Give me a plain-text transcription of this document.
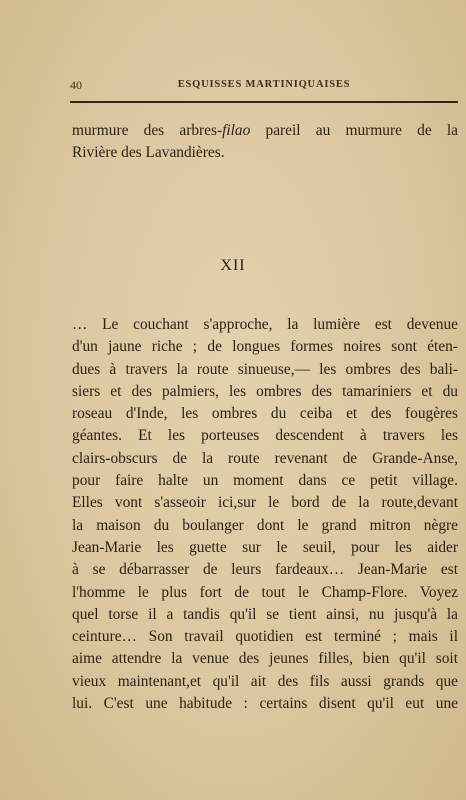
40	ESQUISSES MARTINIQUAISES
murmure des arbres-filao pareil au murmure de la
Rivière des Lavandières.
XII
… Le couchant s'approche, la lumière est devenue
d'un jaune riche ; de longues formes noires sont éten-
dues à travers la route sinueuse,— les ombres des bali-
siers et des palmiers, les ombres des tamariniers et du
roseau d'Inde, les ombres du ceiba et des fougères
géantes. Et les porteuses descendent à travers les
clairs-obscurs de la route revenant de Grande-Anse,
pour faire halte un moment dans ce petit village.
Elles vont s'asseoir ici,sur le bord de la route,devant
la maison du boulanger dont le grand mitron nègre
Jean-Marie les guette sur le seuil, pour les aider
à se débarrasser de leurs fardeaux… Jean-Marie est
l'homme le plus fort de tout le Champ-Flore. Voyez
quel torse il a tandis qu'il se tient ainsi, nu jusqu'à la
ceinture… Son travail quotidien est terminé ; mais il
aime attendre la venue des jeunes filles, bien qu'il soit
vieux maintenant,et qu'il ait des fils aussi grands que
lui. C'est une habitude : certains disent qu'il eut une
